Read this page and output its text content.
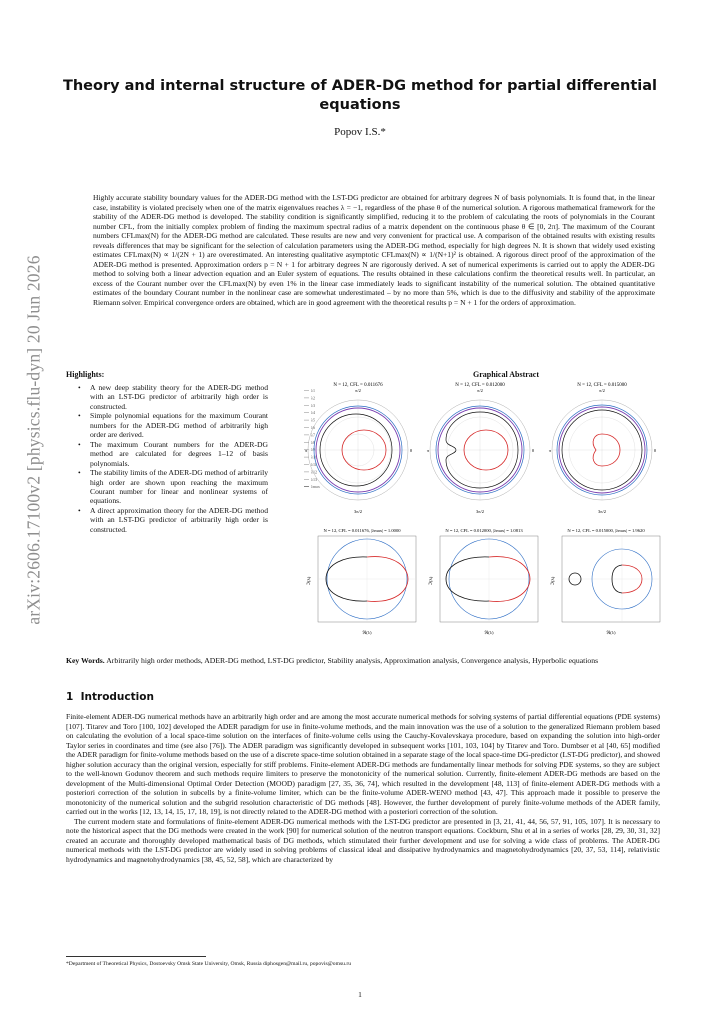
arXiv:2606.17100v2 [physics.flu-dyn] 20 Jun 2026
Theory and internal structure of ADER-DG method for partial differential equations
Popov I.S.*
Highly accurate stability boundary values for the ADER-DG method with the LST-DG predictor are obtained for arbitrary degrees N of basis polynomials. It is found that, in the linear case, instability is violated precisely when one of the matrix eigenvalues reaches λ = −1, regardless of the phase θ of the numerical solution. A rigorous mathematical framework for the stability of the ADER-DG method is developed. The stability condition is significantly simplified, reducing it to the problem of calculating the roots of polynomials in the Courant number CFL, from the initially complex problem of finding the maximum spectral radius of a matrix dependent on the continuous phase θ ∈ [0, 2π]. The maximum of the Courant numbers CFLmax(N) for the ADER-DG method are calculated. These results are new and very convenient for practical use. A comparison of the obtained results with existing results reveals differences that may be significant for the selection of calculation parameters using the ADER-DG method, especially for high degrees N. It is shown that widely used existing estimates CFLmax(N) ∝ 1/(2N + 1) are overestimated. An interesting qualitative asymptotic CFLmax(N) ∝ 1/(N+1)² is obtained. A rigorous direct proof of the approximation of the ADER-DG method is presented. Approximation orders p = N + 1 for arbitrary degrees N are rigorously derived. A set of numerical experiments is carried out to apply the ADER-DG method to solving both a linear advection equation and an Euler system of equations. The results obtained in these calculations confirm the theoretical results well. In particular, an excess of the Courant number over the CFLmax(N) by even 1% in the linear case immediately leads to significant instability of the numerical solution. The obtained quantitative estimates of the boundary Courant number in the nonlinear case are somewhat underestimated – by no more than 5%, which is due to the diffusivity and stability of the approximate Riemann solver. Empirical convergence orders are obtained, which are in good agreement with the theoretical results p = N + 1 for the orders of approximation.
Highlights:
• A new deep stability theory for the ADER-DG method with an LST-DG predictor of arbitrarily high order is constructed.
• Simple polynomial equations for the maximum Courant numbers for the ADER-DG method of arbitrarily high order are derived.
• The maximum Courant numbers for the ADER-DG method are calculated for degrees 1–12 of basis polynomials.
• The stability limits of the ADER-DG method of arbitrarily high order are shown upon reaching the maximum Courant number for linear and nonlinear systems of equations.
• A direct approximation theory for the ADER-DG method with an LST-DG predictor of arbitrarily high order is constructed.
Graphical Abstract
λ1
λ2
λ3
λ4
λ5
λ6
λ7
λ8
λ9
λ10
λ11
λ12
λ13
λmax
N = 12, CFL = 0.011676
π/2
3π/2
π	0
N = 12, CFL = 0.012000
π/2
3π/2
π	0
N = 12, CFL = 0.015000
π/2
3π/2
π	0
N = 12, CFL = 0.011676, |λmax| = 1.0000
ℜ(λ)
ℑ(λ)
N = 12, CFL = 0.012000, |λmax| = 1.0813
ℜ(λ)
ℑ(λ)
N = 12, CFL = 0.015000, |λmax| = 1.9620
ℜ(λ)
ℑ(λ)
Key Words. Arbitrarily high order methods, ADER-DG method, LST-DG predictor, Stability analysis, Approximation analysis, Convergence analysis, Hyperbolic equations
1 Introduction

Finite-element ADER-DG numerical methods have an arbitrarily high order and are among the most accurate numerical methods for solving systems of partial differential equations (PDE systems) [107]. Titarev and Toro [100, 102] developed the ADER paradigm for use in finite-volume methods, and the main innovation was the use of a solution to the generalized Riemann problem based on calculating the evolution of a local space-time solution on the interfaces of finite-volume cells using the Cauchy-Kovalevskaya procedure, based on expanding the solution into high-order Taylor series in coordinates and time (see also [76]). The ADER paradigm was significantly developed in subsequent works [101, 103, 104] by Titarev and Toro. Dumbser et al [40, 65] modified the ADER paradigm for finite-volume methods based on the use of a discrete space-time solution obtained in a separate stage of the local space-time DG-predictor (LST-DG predictor), and showed higher solution accuracy than the original version, especially for stiff problems. Finite-element ADER-DG methods are fundamentally linear methods for solving PDE systems, so they are subject to the well-known Godunov theorem and such methods require limiters to preserve the monotonicity of the numerical solution. Currently, finite-element ADER-DG methods are based on the development of the Multi-dimensional Optimal Order Detection (MOOD) paradigm [27, 35, 36, 74], which resulted in the development [48, 113] of finite-element ADER-DG methods with a posteriori correction of the solution in subcells by a finite-volume limiter, which can be the finite-volume ADER-WENO method [43, 47]. This approach made it possible to preserve the monotonicity of the numerical solution and the subgrid resolution characteristic of DG methods [48]. However, the further development of purely finite-volume methods of the ADER family, carried out in the works [12, 13, 14, 15, 17, 18, 19], is not directly related to the ADER-DG method with a posteriori correction of the solution.

The current modern state and formulations of finite-element ADER-DG numerical methods with the LST-DG predictor are presented in [3, 21, 41, 44, 56, 57, 91, 105, 107]. It is necessary to note the historical aspect that the DG methods were created in the work [90] for numerical solution of the neutron transport equations. Cockburn, Shu et al in a series of works [28, 29, 30, 31, 32] created an accurate and thoroughly developed mathematical basis of DG methods, which stimulated their further development and use for solving a wide class of problems. The ADER-DG numerical methods with the LST-DG predictor are widely used in solving problems of classical ideal and dissipative hydrodynamics and magnetohydrodynamics [20, 37, 53, 114], relativistic hydrodynamics and magnetohydrodynamics [38, 45, 52, 58], which are characterized by

*Department of Theoretical Physics, Dostoevsky Omsk State University, Omsk, Russia diphosgen@mail.ru, popovis@omsu.ru
1
